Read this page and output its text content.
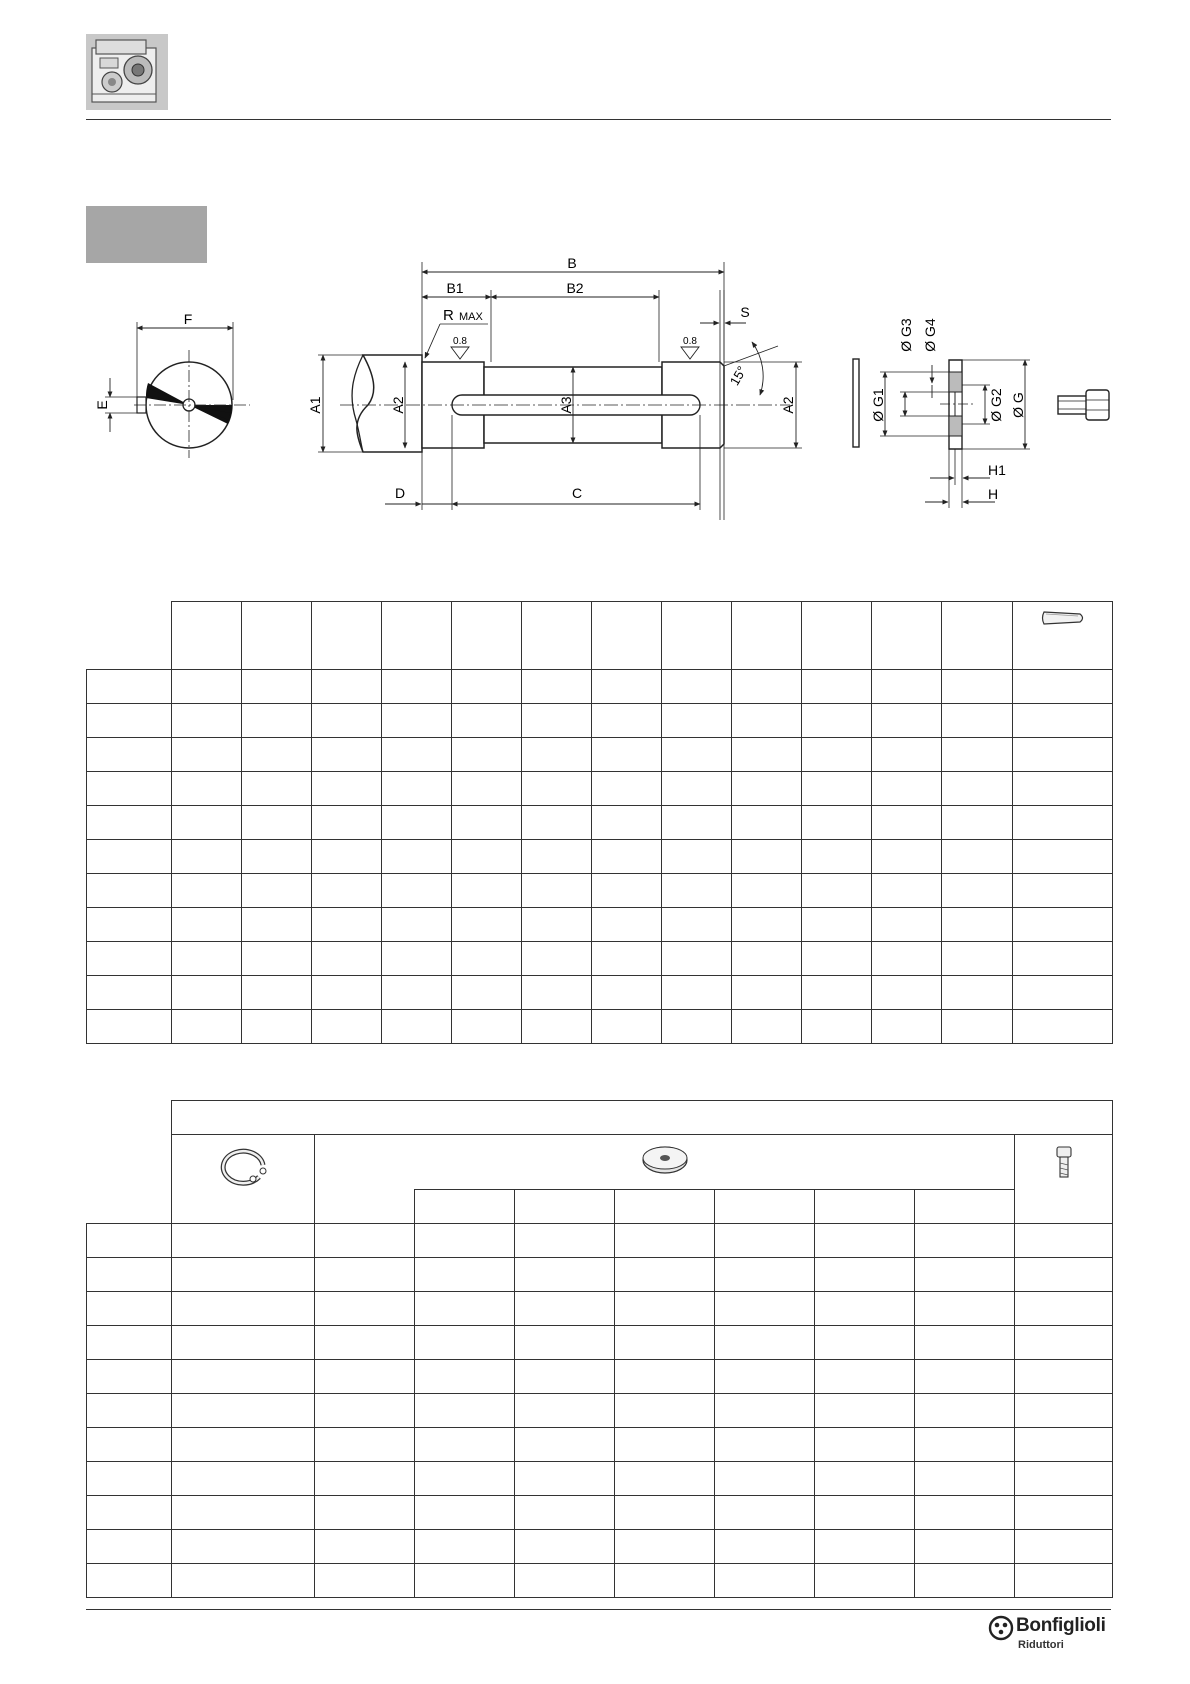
F
E
B
B1	B2
R MAX
0.8	0.8
S
15°
A1	A2	A3	A2
D	C
Ø G3 Ø G4
Ø G1	Ø G2 Ø G
H1
H

Bonfiglioli
Riduttori
